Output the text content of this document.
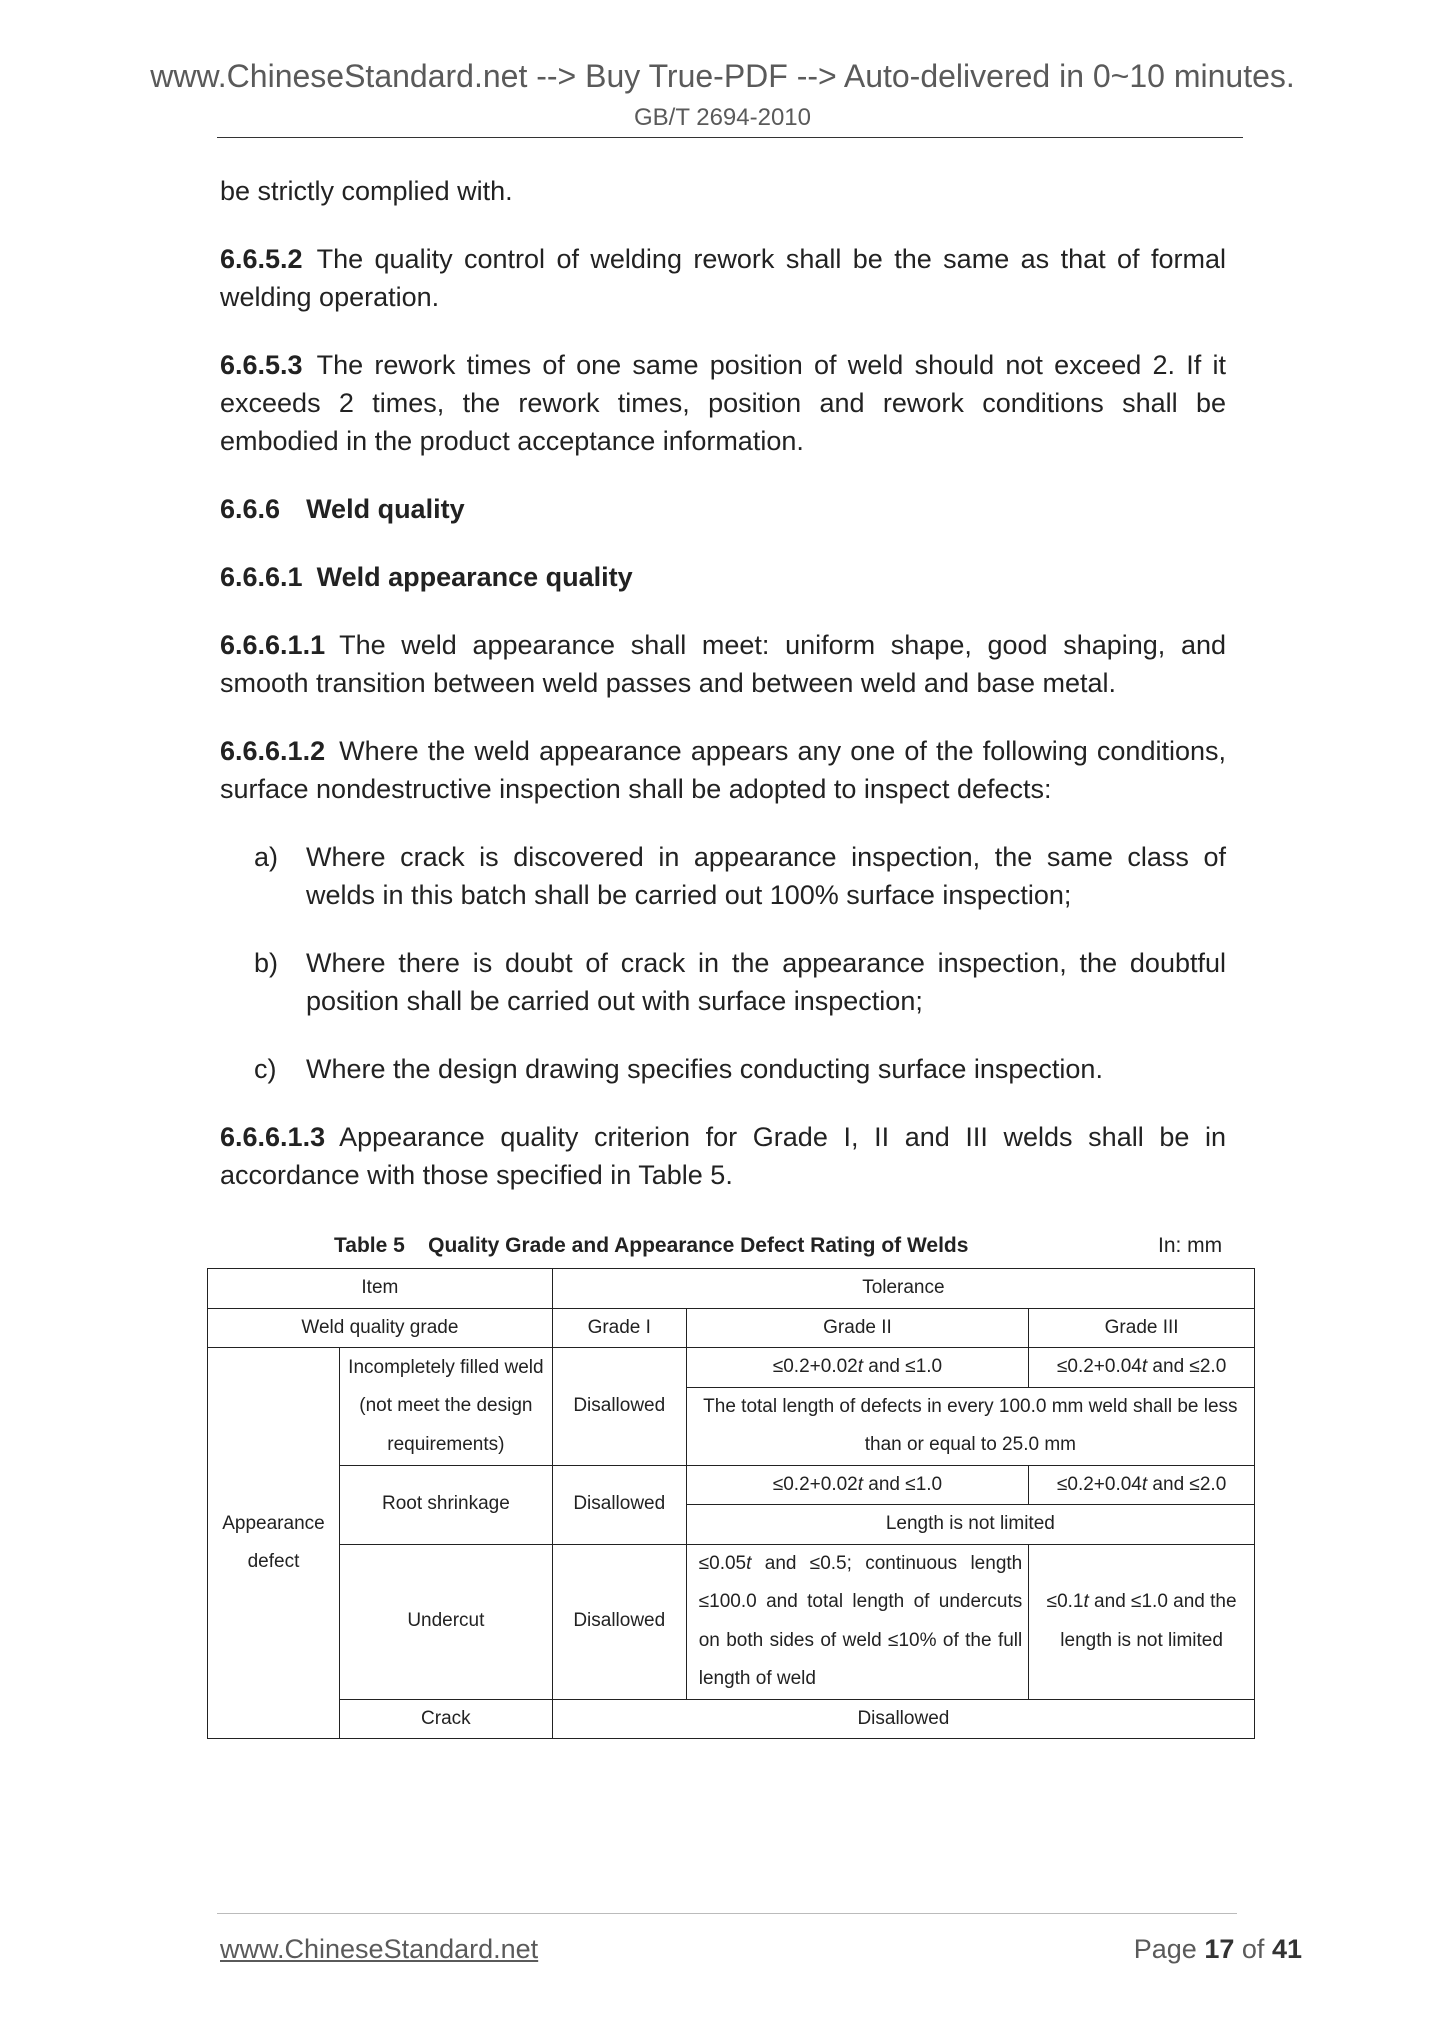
www.ChineseStandard.net --> Buy True-PDF --> Auto-delivered in 0~10 minutes.
GB/T 2694-2010

be strictly complied with.

6.6.5.2 The quality control of welding rework shall be the same as that of formal welding operation.

6.6.5.3 The rework times of one same position of weld should not exceed 2. If it exceeds 2 times, the rework times, position and rework conditions shall be embodied in the product acceptance information.

6.6.6 Weld quality

6.6.6.1 Weld appearance quality

6.6.6.1.1 The weld appearance shall meet: uniform shape, good shaping, and smooth transition between weld passes and between weld and base metal.

6.6.6.1.2 Where the weld appearance appears any one of the following conditions, surface nondestructive inspection shall be adopted to inspect defects:

a)	Where crack is discovered in appearance inspection, the same class of welds in this batch shall be carried out 100% surface inspection;
b)	Where there is doubt of crack in the appearance inspection, the doubtful position shall be carried out with surface inspection;
c)	Where the design drawing specifies conducting surface inspection.

6.6.6.1.3 Appearance quality criterion for Grade I, II and III welds shall be in accordance with those specified in Table 5.

Table 5    Quality Grade and Appearance Defect Rating of Welds	In: mm
Item		Tolerance		
Weld quality grade		Grade I	Grade II	Grade III
Appearance defect	Incompletely filled weld (not meet the design requirements)	Disallowed	≤0.2+0.02t and ≤1.0	≤0.2+0.04t and ≤2.0
			The total length of defects in every 100.0 mm weld shall be less than or equal to 25.0 mm	
	Root shrinkage	Disallowed	≤0.2+0.02t and ≤1.0	≤0.2+0.04t and ≤2.0
			Length is not limited	
	Undercut	Disallowed	≤0.05t and ≤0.5; continuous length ≤100.0 and total length of undercuts on both sides of weld ≤10% of the full length of weld	≤0.1t and ≤1.0 and the length is not limited

	Crack	Disallowed		
www.ChineseStandard.net	Page 17 of 41
